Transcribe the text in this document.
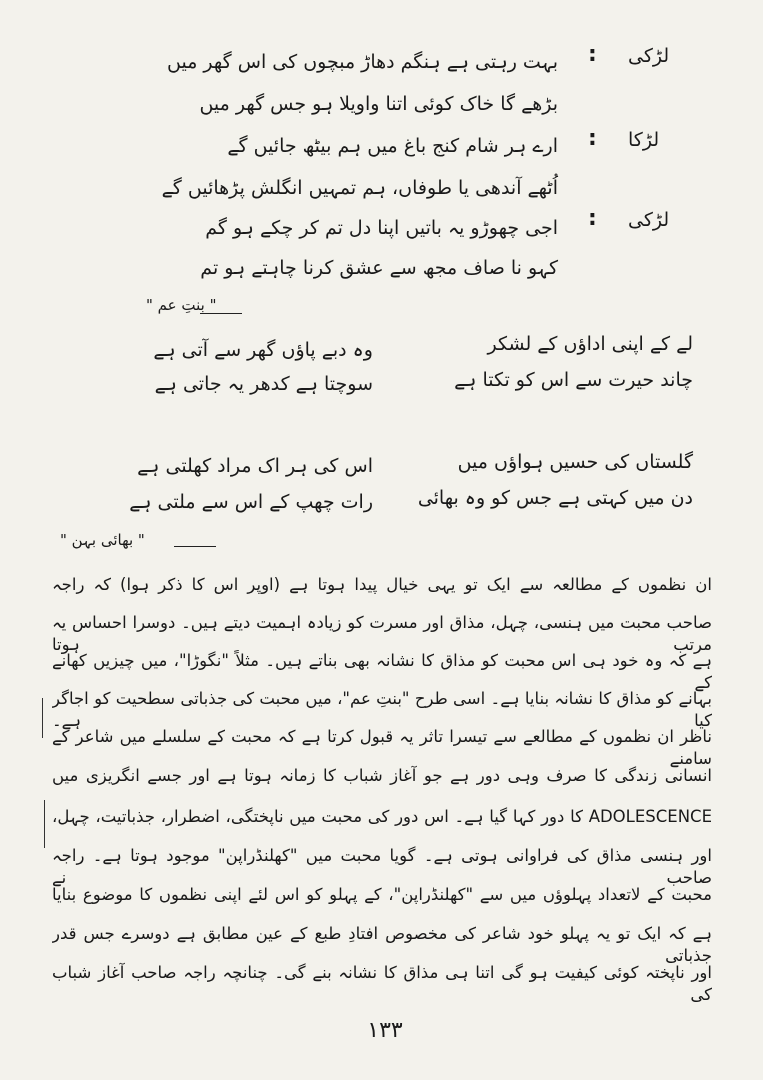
لڑکی
:
بہت رہتی ہے ہنگم دھاڑ مبچوں کی اس گھر میں
بڑھے گا خاک کوئی اتنا واویلا ہو جس گھر میں
لڑکا
:
ارے ہر شام کنج باغ میں ہم بیٹھ جائیں گے
اُٹھے آندھی یا طوفاں، ہم تمہیں انگلش پڑھائیں گے
لڑکی
:
اجی چھوڑو یہ باتیں اپنا دل تم کر چکے ہو گم
کہو نا صاف مجھ سے عشق کرنا چاہتے ہو تم
" بنتِ عم "
لے کے اپنی اداؤں کے لشکر
وہ دبے پاؤں گھر سے آتی ہے
چاند حیرت سے اس کو تکتا ہے
سوچتا ہے کدھر یہ جاتی ہے
گلستاں کی حسیں ہواؤں میں
اس کی ہر اک مراد کھلتی ہے
دن میں کہتی ہے جس کو وہ بھائی
رات چھپ کے اس سے ملتی ہے
" بھائی بہن "
ان نظموں کے مطالعہ سے ایک تو یہی خیال پیدا ہوتا ہے (اوپر اس کا ذکر ہوا) کہ راجہ
صاحب محبت میں ہنسی، چہل، مذاق اور مسرت کو زیادہ اہمیت دیتے ہیں۔ دوسرا احساس یہ مرتب ہوتا
ہے کہ وہ خود ہی اس محبت کو مذاق کا نشانہ بھی بناتے ہیں۔ مثلاً "نگوڑا"، میں چیزیں کھانے کے
بہانے کو مذاق کا نشانہ بنایا ہے۔ اسی طرح "بنتِ عم"، میں محبت کی جذباتی سطحیت کو اجاگر کیا ہے۔
ناظر ان نظموں کے مطالعے سے تیسرا تاثر یہ قبول کرتا ہے کہ محبت کے سلسلے میں شاعر کے سامنے
انسانی زندگی کا صرف وہی دور ہے جو آغاز شباب کا زمانہ ہوتا ہے اور جسے انگریزی میں
ADOLESCENCE کا دور کہا گیا ہے۔ اس دور کی محبت میں ناپختگی، اضطرار، جذباتیت، چہل،
اور ہنسی مذاق کی فراوانی ہوتی ہے۔ گویا محبت میں "کھلنڈراپن" موجود ہوتا ہے۔ راجہ صاحب نے
محبت کے لاتعداد پہلوؤں میں سے "کھلنڈراپن"، کے پہلو کو اس لئے اپنی نظموں کا موضوع بنایا
ہے کہ ایک تو یہ پہلو خود شاعر کی مخصوص افتادِ طبع کے عین مطابق ہے دوسرے جس قدر جذباتی
اور ناپختہ کوئی کیفیت ہو گی اتنا ہی مذاق کا نشانہ بنے گی۔ چنانچہ راجہ صاحب آغاز شباب کی
۱۳۳
